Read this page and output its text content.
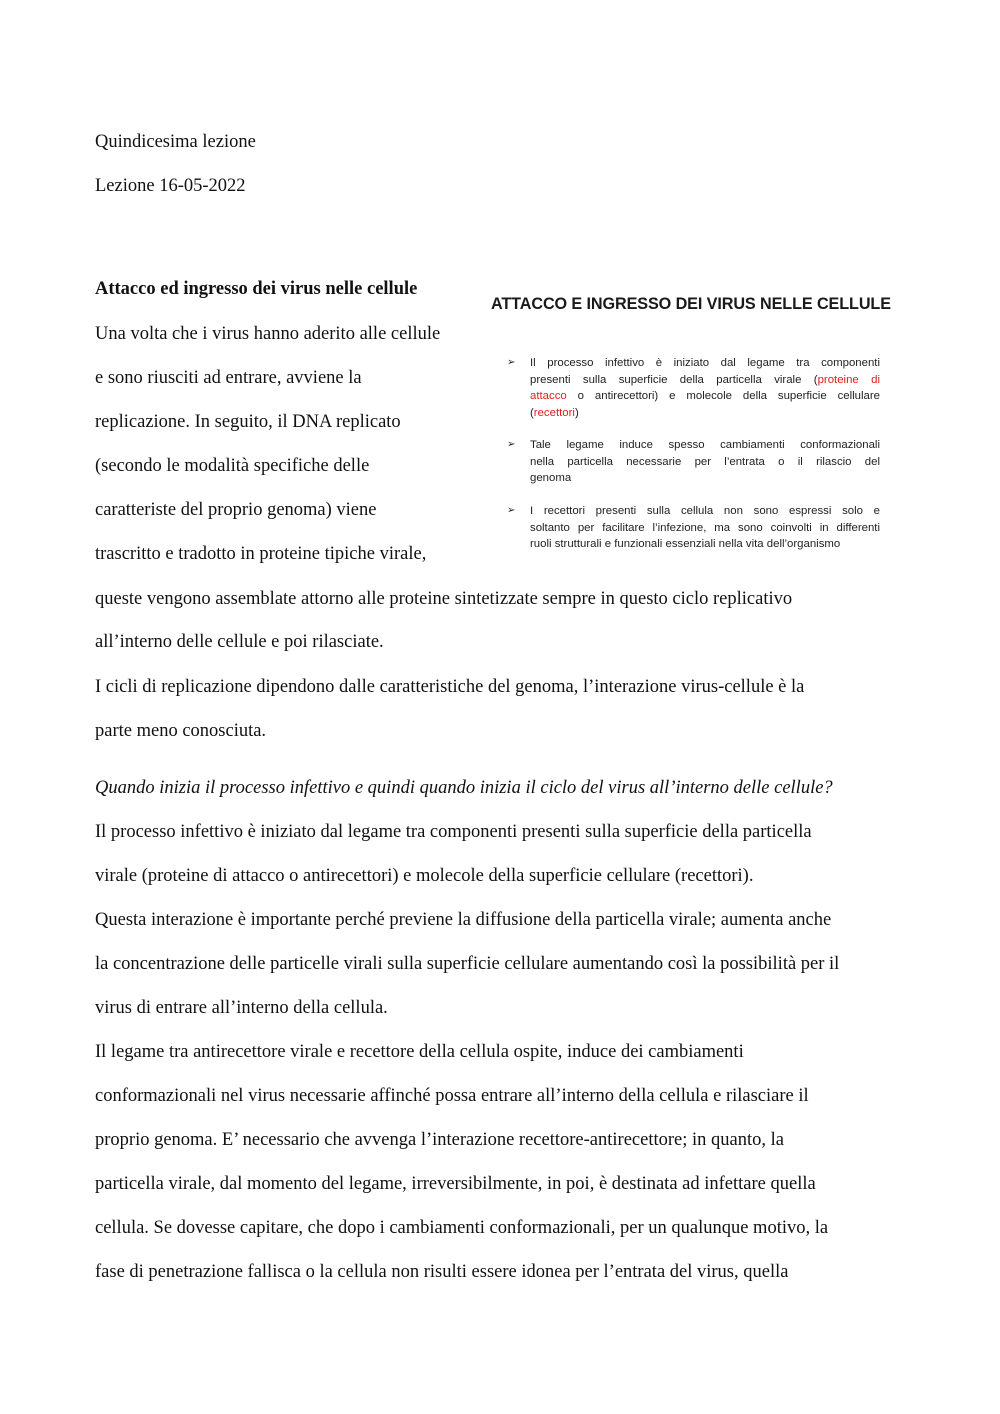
Quindicesima lezione
Lezione 16-05-2022
Attacco ed ingresso dei virus nelle cellule
Una volta che i virus hanno aderito alle cellule
e sono riusciti ad entrare, avviene la
replicazione. In seguito, il DNA replicato
(secondo le modalità specifiche delle
caratteriste del proprio genoma) viene
trascritto e tradotto in proteine tipiche virale,
ATTACCO E INGRESSO DEI VIRUS NELLE CELLULE
➢ Il processo infettivo è iniziato dal legame tra componenti
presenti sulla superficie della particella virale (proteine di
attacco o antirecettori) e molecole della superficie cellulare
(recettori)
➢ Tale legame induce spesso cambiamenti conformazionali
nella particella necessarie per l’entrata o il rilascio del
genoma
➢ I recettori presenti sulla cellula non sono espressi solo e
soltanto per facilitare l’infezione, ma sono coinvolti in differenti
ruoli strutturali e funzionali essenziali nella vita dell’organismo
queste vengono assemblate attorno alle proteine sintetizzate sempre in questo ciclo replicativo
all’interno delle cellule e poi rilasciate.
I cicli di replicazione dipendono dalle caratteristiche del genoma, l’interazione virus-cellule è la
parte meno conosciuta.
Quando inizia il processo infettivo e quindi quando inizia il ciclo del virus all’interno delle cellule?
Il processo infettivo è iniziato dal legame tra componenti presenti sulla superficie della particella
virale (proteine di attacco o antirecettori) e molecole della superficie cellulare (recettori).
Questa interazione è importante perché previene la diffusione della particella virale; aumenta anche
la concentrazione delle particelle virali sulla superficie cellulare aumentando così la possibilità per il
virus di entrare all’interno della cellula.
Il legame tra antirecettore virale e recettore della cellula ospite, induce dei cambiamenti
conformazionali nel virus necessarie affinché possa entrare all’interno della cellula e rilasciare il
proprio genoma. E’ necessario che avvenga l’interazione recettore-antirecettore; in quanto, la
particella virale, dal momento del legame, irreversibilmente, in poi, è destinata ad infettare quella
cellula. Se dovesse capitare, che dopo i cambiamenti conformazionali, per un qualunque motivo, la
fase di penetrazione fallisca o la cellula non risulti essere idonea per l’entrata del virus, quella
